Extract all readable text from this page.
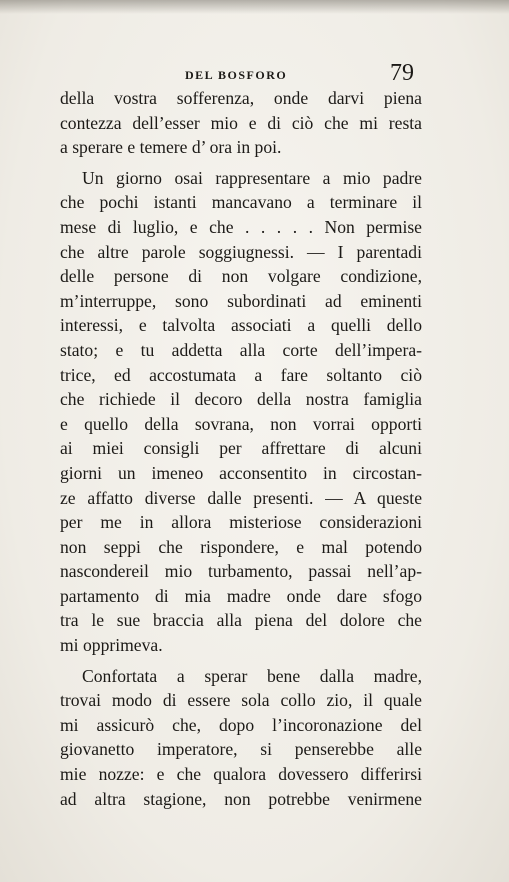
DEL BOSFORO	79
della vostra sofferenza, onde darvi piena
contezza dell’esser mio e di ciò che mi resta
a sperare e temere d’ ora in poi.
Un giorno osai rappresentare a mio padre
che pochi istanti mancavano a terminare il
mese di luglio, e che . . . . . Non permise
che altre parole soggiugnessi. — I parentadi
delle persone di non volgare condizione,
m’interruppe, sono subordinati ad eminenti
interessi, e talvolta associati a quelli dello
stato; e tu addetta alla corte dell’impera-
trice, ed accostumata a fare soltanto ciò
che richiede il decoro della nostra famiglia
e quello della sovrana, non vorrai opporti
ai miei consigli per affrettare di alcuni
giorni un imeneo acconsentito in circostan-
ze affatto diverse dalle presenti. — A queste
per me in allora misteriose considerazioni
non seppi che rispondere, e mal potendo
nascondereil mio turbamento, passai nell’ap-
partamento di mia madre onde dare sfogo
tra le sue braccia alla piena del dolore che
mi opprimeva.
Confortata a sperar bene dalla madre,
trovai modo di essere sola collo zio, il quale
mi assicurò che, dopo l’incoronazione del
giovanetto imperatore, si penserebbe alle
mie nozze: e che qualora dovessero differirsi
ad altra stagione, non potrebbe venirmene
